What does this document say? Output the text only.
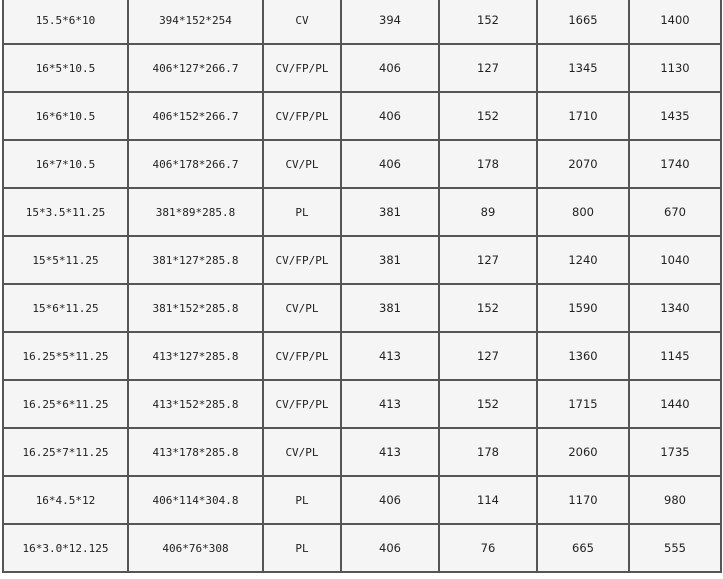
15.5*6*10	394*152*254	CV	394	152	1665	1400
16*5*10.5	406*127*266.7	CV/FP/PL	406	127	1345	1130
16*6*10.5	406*152*266.7	CV/FP/PL	406	152	1710	1435
16*7*10.5	406*178*266.7	CV/PL	406	178	2070	1740
15*3.5*11.25	381*89*285.8	PL	381	89	800	670
15*5*11.25	381*127*285.8	CV/FP/PL	381	127	1240	1040
15*6*11.25	381*152*285.8	CV/PL	381	152	1590	1340
16.25*5*11.25	413*127*285.8	CV/FP/PL	413	127	1360	1145
16.25*6*11.25	413*152*285.8	CV/FP/PL	413	152	1715	1440
16.25*7*11.25	413*178*285.8	CV/PL	413	178	2060	1735
16*4.5*12	406*114*304.8	PL	406	114	1170	980
16*3.0*12.125	406*76*308	PL	406	76	665	555
